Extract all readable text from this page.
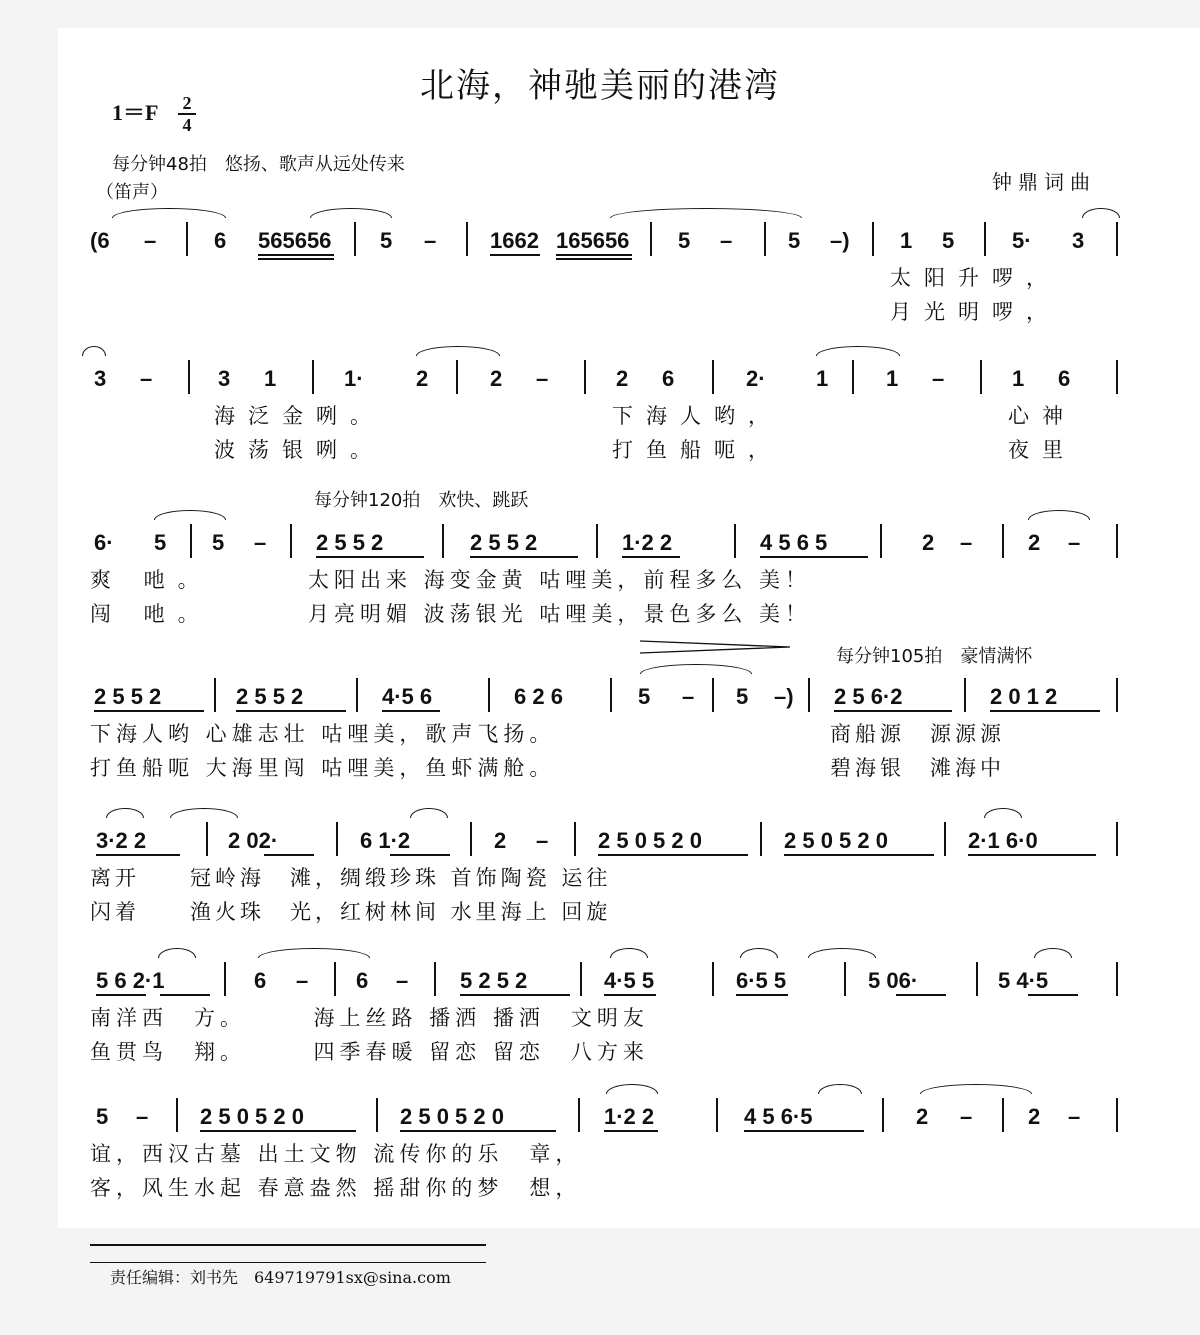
北海，神驰美丽的港湾
1＝F 2
4
每分钟48拍　悠扬、歌声从远处传来
（笛声）	钟鼎词曲
每分钟120拍　欢快、跳跃
每分钟105拍　豪情满怀
(6 –	6 565656 5 – 1662 165656 5 –	5 –) 1 5	5· 3
太阳升啰，
月光明啰，
3 –	3 1	1· 2	2 –	2 6	2· 1	1 –	1 6
海泛金咧。
波荡银咧。
下海人哟，
打鱼船呃，
心神
夜里
6· 5 5 – 2 5 5 2	2 5 5 2	1·2 2	4 5 6 5	2 –	2 –
爽 吔。
闯 吔。
太阳出来 海变金黄 咕哩美，前程多么 美！
月亮明媚 波荡银光 咕哩美，景色多么 美！
2 5 5 2	2 5 5 2	4·5 6	6 2 6	5 – 5 –) 2 5 6·2	2 0 1 2
下海人哟 心雄志壮 咕哩美，歌声飞扬。
打鱼船呃 大海里闯 咕哩美，鱼虾满舱。
商船源　源源源
碧海银　滩海中
3·2 2	2 02·	6 1·2	2 – 2 5 0 5 2 0	2 5 0 5 2 0	2·1 6·0
离开　　冠岭海　滩，绸缎珍珠 首饰陶瓷 运往
闪着　　渔火珠　光，红树林间 水里海上 回旋
5 6 2·1	6 – 6 – 5 2 5 2	4·5 5	6·5 5	5 06·	5 4·5
南洋西　方。　　　海上丝路 播洒 播洒　文明友
鱼贯鸟　翔。　　　四季春暖 留恋 留恋　八方来
5 – 2 5 0 5 2 0	2 5 0 5 2 0	1·2 2	4 5 6·5	2 –	2 –
谊，西汉古墓 出土文物 流传你的乐　章，
客，风生水起 春意盎然 摇甜你的梦　想，
责任编辑：刘书先　649719791sx@sina.com
